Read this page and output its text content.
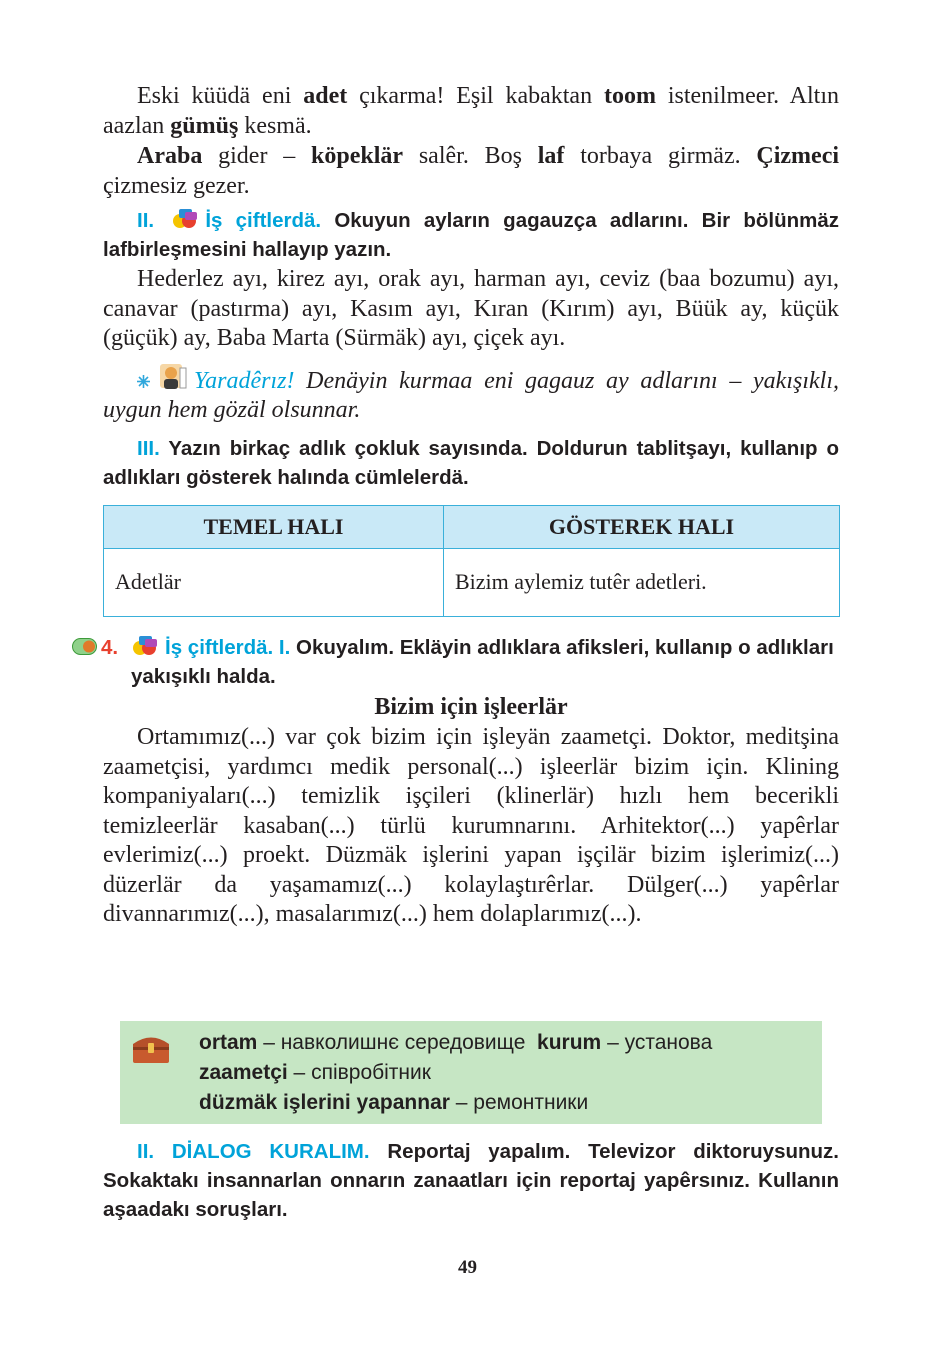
Eski küüdä eni adet çıkarma! Eşil kabaktan toom istenilmeer. Altın aazlan gümüş kesmä.

Araba gider – köpeklär salêr. Boş laf torbaya girmäz. Çizmeci çizmesiz gezer.

II. İş çiftlerdä. Okuyun ayların gagauzça adlarını. Bir bölünmäz lafbirleşmesini hallayıp yazın.

Hederlez ayı, kirez ayı, orak ayı, harman ayı, ceviz (baa bozumu) ayı, canavar (pastırma) ayı, Kasım ayı, Kıran (Kırım) ayı, Büük ay, küçük (güçük) ay, Baba Marta (Sürmäk) ayı, çiçek ayı.

Yaradêrız! Denäyin kurmaa eni gagauz ay adlarını – yakışıklı, uygun hem gözäl olsunnar.

III. Yazın birkaç adlık çokluk sayısında. Doldurun tablitşayı, kullanıp o adlıkları gösterek halında cümlelerdä.

TEMEL HALI	GÖSTEREK HALI
Adetlär	Bizim aylemiz tutêr adetleri.
4. İş çiftlerdä. I. Okuyalım. Ekläyin adlıklara afiksleri, kullanıp o adlıkları yakışıklı halda.

Bizim için işleerlär

Ortamımız(...) var çok bizim için işleyän zaametçi. Doktor, meditşina zaametçisi, yardımcı medik personal(...) işleerlär bizim için. Klining kompaniyaları(...) temizlik işçileri (klinerlär) hızlı hem becerikli temizleerlär kasaban(...) türlü kurumnarını. Arhitektor(...) yapêrlar evlerimiz(...) proekt. Düzmäk işlerini yapan işçilär bizim işlerimiz(...) düzerlär da yaşamamız(...) kolaylaştırêrlar. Dülger(...) yapêrlar divannarımız(...), masalarımız(...) hem dolaplarımız(...).

ortam – навколишнє середовище  kurum – установа
zaametçi – співробітник
düzmäk işlerini yapannar – ремонтники

II. DİALOG KURALIM. Reportaj yapalım. Televizor diktoruysunuz. Sokaktakı insannarlan onnarın zanaatları için reportaj yapêrsınız. Kullanın aşaadakı soruşları.

49
